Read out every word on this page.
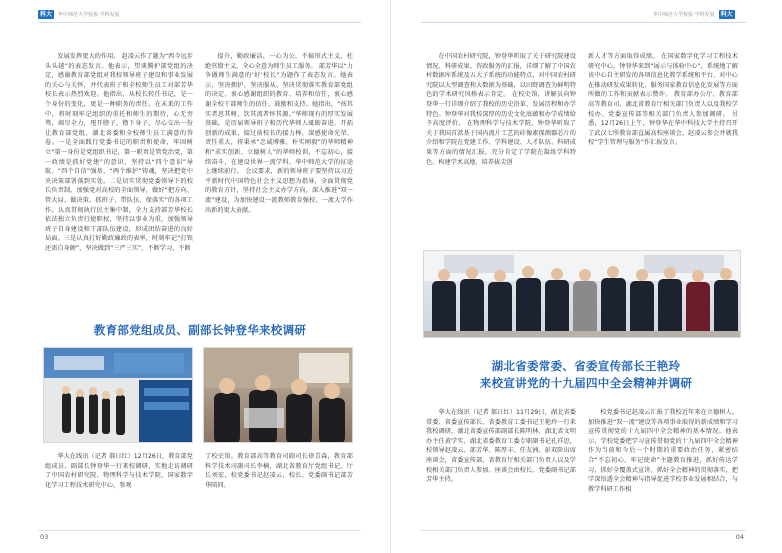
科大	华中师范大学校报·学科发展

发展发挥更大的作用。 赵凌云作了题为“西今远步头头越”的表态发言。他表示，望谈腾护部党组的决定，感谢教育部党组对我校领导班子建设和事业发展的关心与关怀，并代表班子和全校师生员工对部芳华校长表示热烈欢迎。他指出，从校长转任书记，是一个身份的变化，更是一种职务的责任。在未来的工作中，将时刻牢记组织的重托和师生的期待，心无旁骛，竭尽全力，甩开膀子，撸下身子，尽心交出一份让教育部党组、湖北省委和全校师生员工满意的答卷。一是全面践行党委书记的职责和使命，牢固树立“第一身份是党组织书记，第一职责是管党治党，第一政绩是抓好党建”的意识，坚持以“四个意识”导航、“四个自信”强基、“两个维护”铸魂，坚决把党中央决策部署落到实处。二是切实贯彻党委领导下的校长负责制，加强党对高校的全面领导，做好“把方向、管大局、做决策、抓班子、带队伍、保落实”的各项工作。认真贯彻执行民主集中制，全力支持部芳华校长依法独立负责行使职权，坚持以事业为重，加强领导班子自身建设和干部队伍建设，形成团结奋进的良好局面。三是认真打好勤政廉政的表率，时刻牢记“打铁还需自身硬”，坚决做到“三严三实”，不断学习、不断

提升，勤政廉洁，一心为公，不搞形式主义、杜绝官僚主义，全心全意为师生员工服务。 部芳华以“力争做师生满意的‘好’校长”为题作了表态发言。她表示，坚决拥护、坚决服从、坚决贯彻落实教育部党组的决定。衷心感谢组织的教育、培养和信任，衷心感谢全校干部师生的信任、鼓励和支持。她指出，“孩其实者思其树，饮其流者怀其源。”华师现有的厚实发展基础，是历届领导班子和历代华师人砥砺奋进、开拓创新的成果，接过前校长的接力棒，深感使命光荣、责任重大，将秉承“忠诚博雅、朴实刚毅”的华师精神和“求实创新、立德树人”的华师校训，不忘初心，接续奋斗，在建设世界一流学科、华中师范大学的征途上继续前行。 会议要求，新的领导班子要坚持以习近平新时代中国特色社会主义思想为指导，全面贯彻党的教育方针，坚持社会主义办学方向，深入推进“双一流”建设，为加快建设一流教师教育强校、一流大学作出新的更大贡献。

教育部党组成员、副部长钟登华来校调研

华大在线讯（记者 郝日红）12月26日，教育部党组成员、副部长钟登华一行来校调研，实地走访调研了中国农村研究院、物理科学与技术学院，国家数字化学习工程技术研究中心，参观

了校史馆。教育部高等教育司副司长徐青森，教育部科学技术司副司长李楠，湖北省教育厅党组书记、厅长刘宏，校党委书记赵凌云，校长、党委副书记部芳华陪同。

03
华中师范大学校报·学科发展 科大

在中国农村研究院，钟登华听取了关于研究院建设情况、科研成果、咨政服务的汇报，详细了解了中国农村数据库系统及五大子系统的功能特点，对中国农村研究院以大型调查和大数据为基础，以田野调查为鲜明特色的学术研究风格表示肯定。 在校史馆，讲解员向钟登华一行详细介绍了我校的历史沿革、发展历程和办学特色。钟登华对我校深厚的历史文化底蕴和办学成绩给予高度评价。 在物理科学与技术学院，钟登华听取了关于我国首款基于国内流片工艺的硅像素探测器芯片的介绍和学院在党建工作、学科建设、人才队伍、科研成果等方面的情况汇报，充分肯定了学院在凝练学科特色、构建学术高地、培养拔尖创

新人才等方面取得成绩。 在国家数字化学习工程技术研究中心，钟登华来到“展示与体验中心”，系统地了解该中心自主研发的各项信息化教学系统和平台，对中心在推动研发成果转化、服务国家教育信息化发展等方面所做的工作和贡献表示赞许。 教育部办公厅、教育部高等教育司、湖北省教育厅相关部门负责人以及我校学校办、党委宣传部等相关部门负责人参加调研。 另悉，12月26日上午，钟登华在华中科技大学主持召开了武汉七所教育部直属高校座谈会。赵凌云参会并就我校“学生管理与服务”作汇报发言。

湖北省委常委、省委宣传部长王艳玲
来校宣讲党的十九届四中全会精神并调研

华大在线讯（记者 郝日红）11月29日，湖北省委常委、省委宣传部长、省委教育工委书记王艳玲一行来我校调研，湖北省委宣传部副部长陈明林、湖北省文明办主任黄学实、湖北省委教育工委专职副书记孔祥思，校领导赵凌云、部芳华、陈厚丰、任友洲、彭双阶出席座谈会，省委宣传部、省教育厅相关部门负责人以及学校相关部门负责人参加。座谈会由校长、党委副书记部芳华主持。

校党委书记赵凌云汇报了我校近年来在立德树人、加快推进“双一流”建设等各项事业取得的新成绩和学习宣传贯彻党的十九届四中全会精神的基本情况。他表示，学校党委把学习宣传贯彻党的十九届四中全会精神作为当前和今后一个时期的重要政治任务，紧密结合“不忘初心、牢记使命”主题教育推进，抓好传达学习，抓好全覆盖式宣讲，抓好全会精神的贯彻落实，把学深悟透全会精神与指导促进学校事业发展相结合，与教学科研工作相

04
